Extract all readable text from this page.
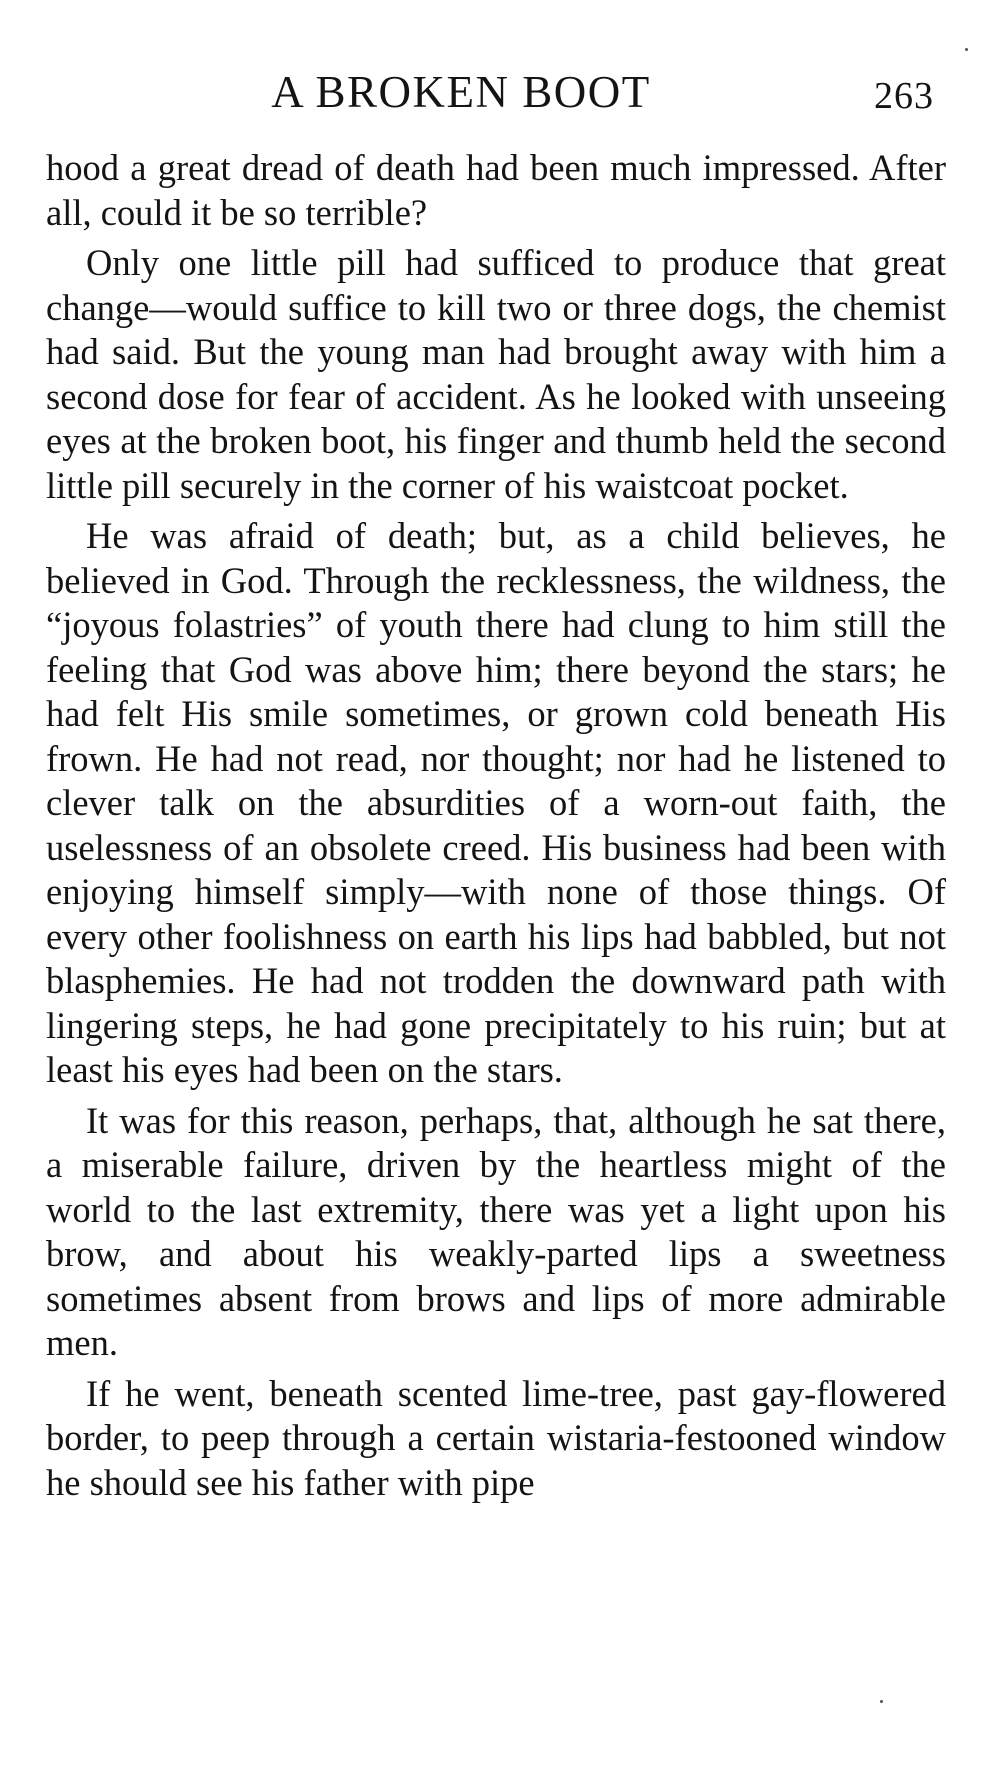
A BROKEN BOOT	263

hood a great dread of death had been much impressed. After all, could it be so terrible?

Only one little pill had sufficed to produce that great change—would suffice to kill two or three dogs, the chemist had said. But the young man had brought away with him a second dose for fear of accident. As he looked with unseeing eyes at the broken boot, his finger and thumb held the second little pill securely in the corner of his waistcoat pocket.

He was afraid of death; but, as a child believes, he believed in God. Through the recklessness, the wildness, the “joyous folastries” of youth there had clung to him still the feeling that God was above him; there beyond the stars; he had felt His smile sometimes, or grown cold beneath His frown. He had not read, nor thought; nor had he listened to clever talk on the absurdities of a worn-out faith, the uselessness of an obsolete creed. His business had been with enjoying himself simply—with none of those things. Of every other foolishness on earth his lips had babbled, but not blasphemies. He had not trodden the downward path with lingering steps, he had gone precipitately to his ruin; but at least his eyes had been on the stars.

It was for this reason, perhaps, that, although he sat there, a miserable failure, driven by the heartless might of the world to the last extremity, there was yet a light upon his brow, and about his weakly-parted lips a sweetness sometimes absent from brows and lips of more admirable men.

If he went, beneath scented lime-tree, past gay-flowered border, to peep through a certain wistaria-festooned window he should see his father with pipe
